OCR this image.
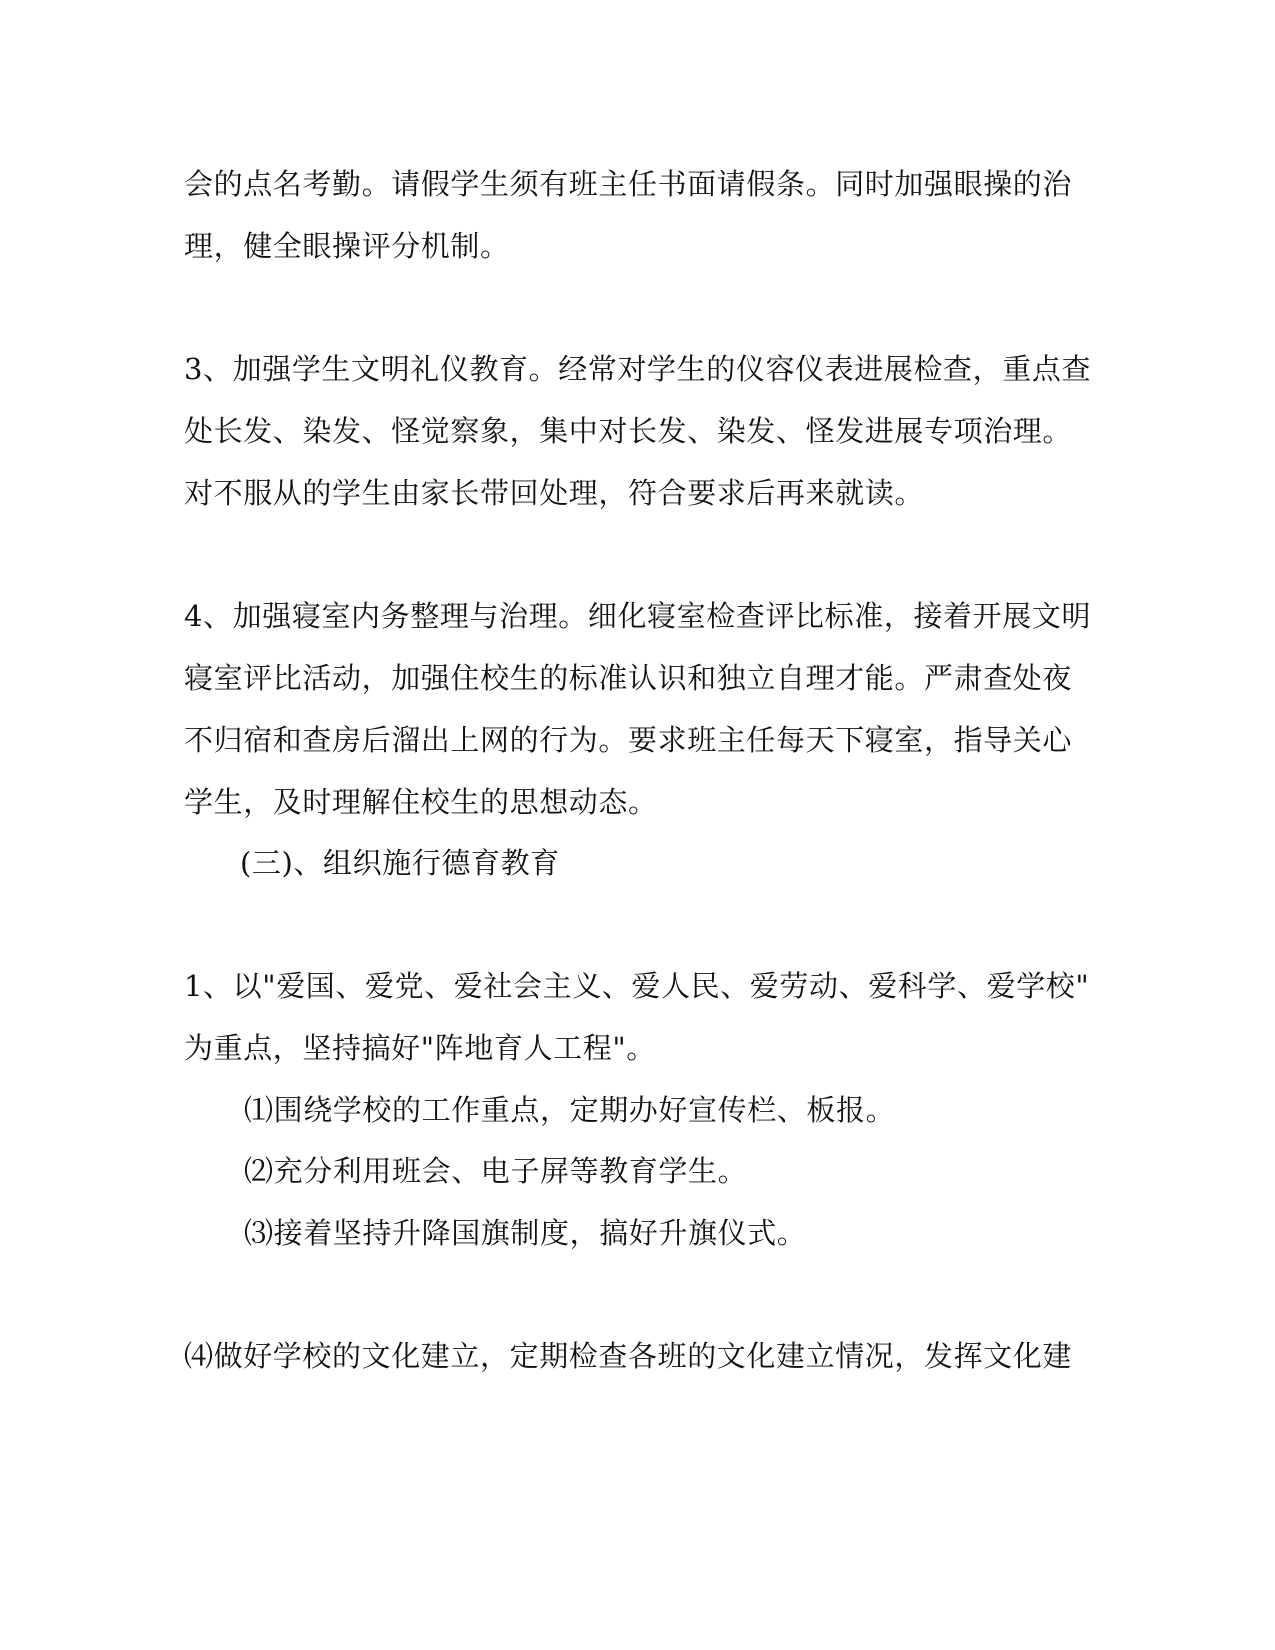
会的点名考勤。请假学生须有班主任书面请假条。同时加强眼操的治
理，健全眼操评分机制。
3、加强学生文明礼仪教育。经常对学生的仪容仪表进展检查，重点查
处长发、染发、怪觉察象，集中对长发、染发、怪发进展专项治理。
对不服从的学生由家长带回处理，符合要求后再来就读。
4、加强寝室内务整理与治理。细化寝室检查评比标准，接着开展文明
寝室评比活动，加强住校生的标准认识和独立自理才能。严肃查处夜
不归宿和查房后溜出上网的行为。要求班主任每天下寝室，指导关心
学生，及时理解住校生的思想动态。
(三)、组织施行德育教育
1、以"爱国、爱党、爱社会主义、爱人民、爱劳动、爱科学、爱学校"
为重点，坚持搞好"阵地育人工程"。
⑴围绕学校的工作重点，定期办好宣传栏、板报。
⑵充分利用班会、电子屏等教育学生。
⑶接着坚持升降国旗制度，搞好升旗仪式。
⑷做好学校的文化建立，定期检查各班的文化建立情况，发挥文化建
